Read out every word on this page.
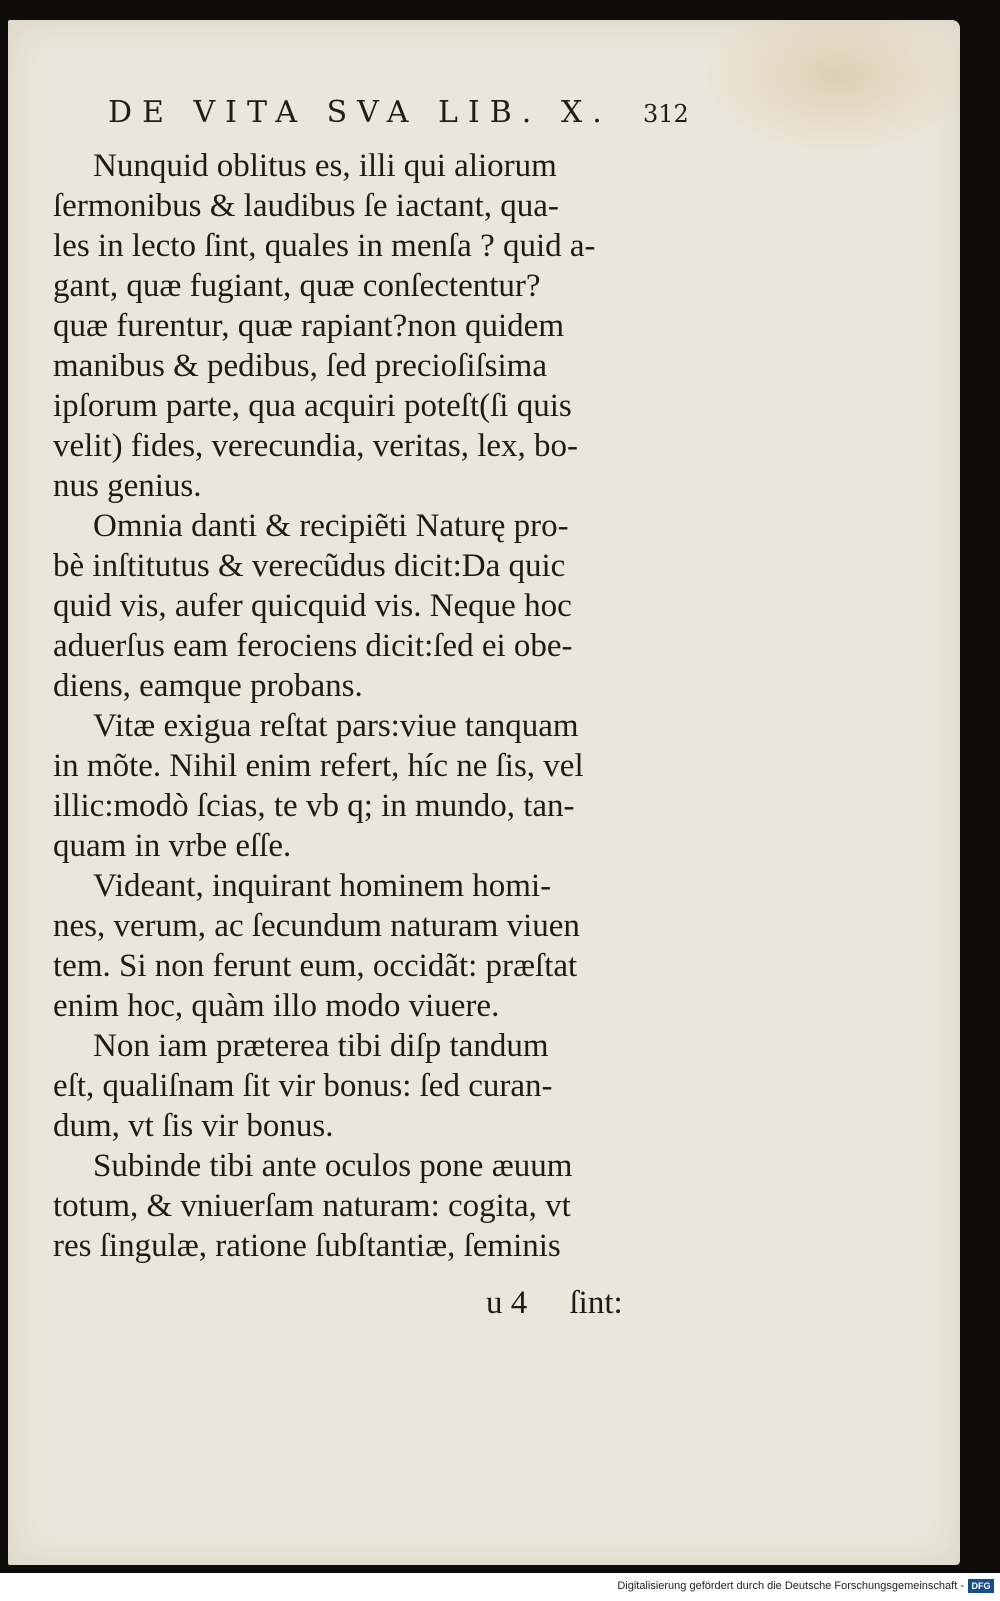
DE VITA SVA LIB. X. 312
Nunquid oblitus es, illi qui aliorum
ſermonibus & laudibus ſe iactant, qua-
les in lecto ſint, quales in menſa ? quid a-
gant, quæ fugiant, quæ conſectentur?
quæ furentur, quæ rapiant?non quidem
manibus & pedibus, ſed precioſiſsima
ipſorum parte, qua acquiri poteſt(ſi quis
velit) fides, verecundia, veritas, lex, bo-
nus genius.
Omnia danti & recipiẽti Naturę pro-
bè inſtitutus & verecũdus dicit:Da quic
quid vis, aufer quicquid vis. Neque hoc
aduerſus eam ferociens dicit:ſed ei obe-
diens, eamque probans.
Vitæ exigua reſtat pars:viue tanquam
in mõte. Nihil enim refert, híc ne ſis, vel
illic:modò ſcias, te vb q; in mundo, tan-
quam in vrbe eſſe.
Videant, inquirant hominem homi-
nes, verum, ac ſecundum naturam viuen
tem. Si non ferunt eum, occidãt: præſtat
enim hoc, quàm illo modo viuere.
Non iam præterea tibi diſp tandum
eſt, qualiſnam ſit vir bonus: ſed curan-
dum, vt ſis vir bonus.
Subinde tibi ante oculos pone æuum
totum, & vniuerſam naturam: cogita, vt
res ſingulæ, ratione ſubſtantiæ, ſeminis
u 4 ſint:
Digitalisierung gefördert durch die Deutsche Forschungsgemeinschaft - DFG
